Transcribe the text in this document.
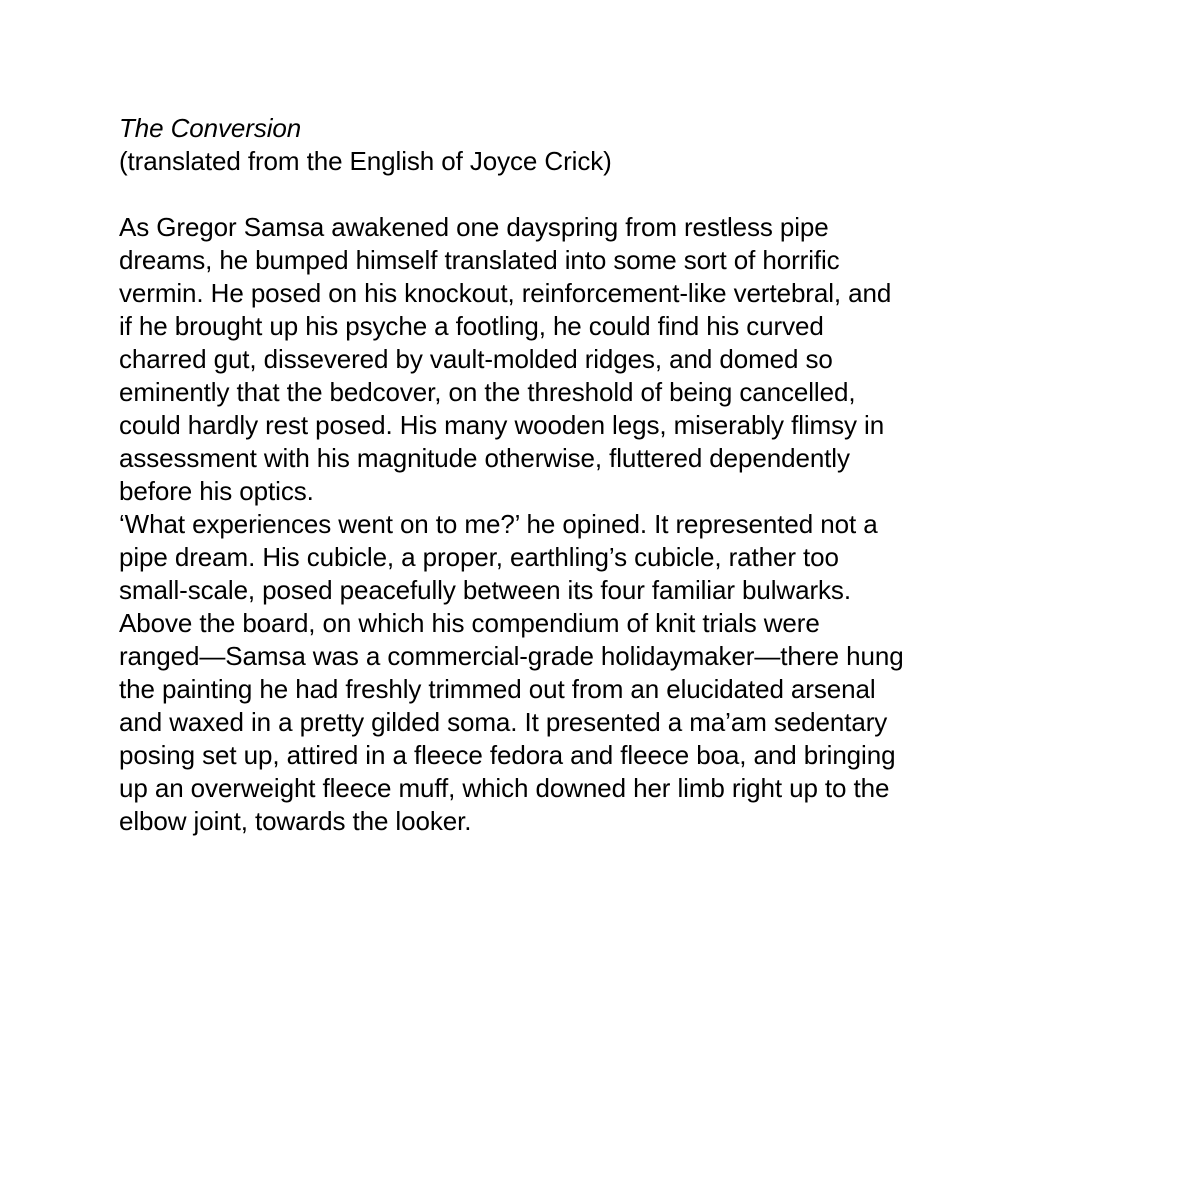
The Conversion

(translated from the English of Joyce Crick)

As Gregor Samsa awakened one dayspring from restless pipe
dreams, he bumped himself translated into some sort of horrific
vermin. He posed on his knockout, reinforcement-like vertebral, and
if he brought up his psyche a footling, he could find his curved
charred gut, dissevered by vault-molded ridges, and domed so
eminently that the bedcover, on the threshold of being cancelled,
could hardly rest posed. His many wooden legs, miserably flimsy in
assessment with his magnitude otherwise, fluttered dependently
before his optics.

‘What experiences went on to me?’ he opined. It represented not a
pipe dream. His cubicle, a proper, earthling’s cubicle, rather too
small-scale, posed peacefully between its four familiar bulwarks.
Above the board, on which his compendium of knit trials were
ranged—Samsa was a commercial-grade holidaymaker—there hung
the painting he had freshly trimmed out from an elucidated arsenal
and waxed in a pretty gilded soma. It presented a ma’am sedentary
posing set up, attired in a fleece fedora and fleece boa, and bringing
up an overweight fleece muff, which downed her limb right up to the
elbow joint, towards the looker.
